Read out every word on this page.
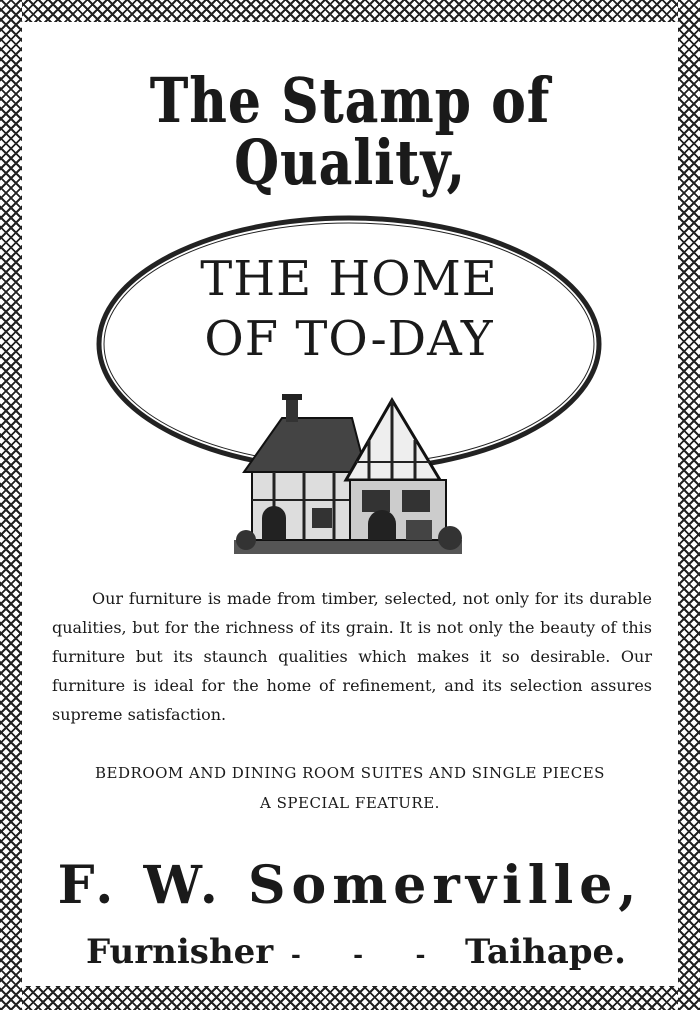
The Stamp of Quality,
THE HOME
OF TO-DAY
Our furniture is made from timber, selected, not only for its durable qualities, but for the richness of its grain. It is not only the beauty of this furniture but its staunch qualities which makes it so desirable. Our furniture is ideal for the home of refinement, and its selection assures supreme satisfaction.
BEDROOM AND DINING ROOM SUITES AND SINGLE PIECES
A SPECIAL FEATURE.
F. W. Somerville,
Furnisher - - - Taihape.
